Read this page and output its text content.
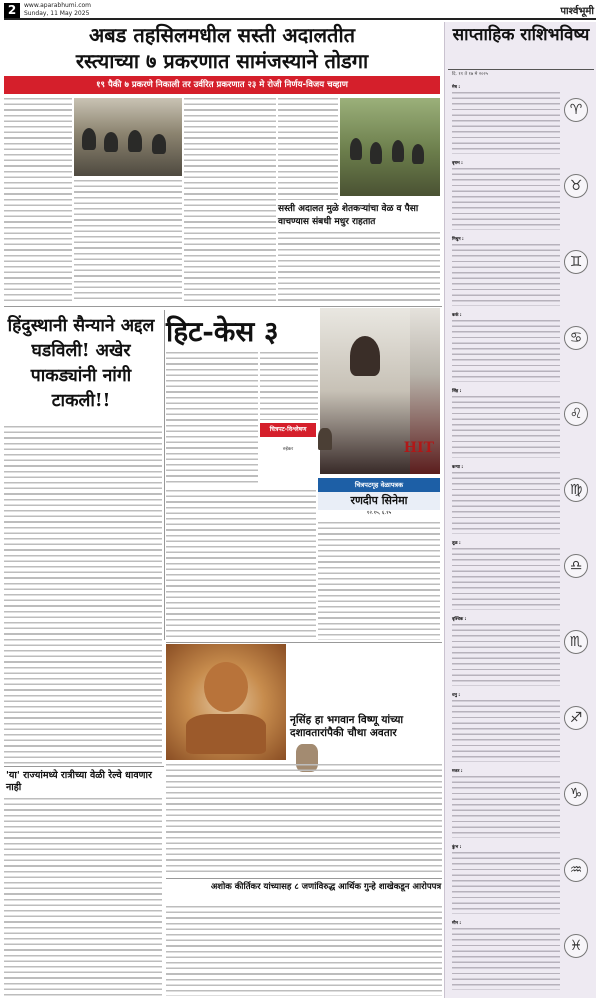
2	www.aparabhumi.com
Sunday, 11 May 2025	पार्श्वभूमी
अबड तहसिलमधील सस्ती अदालतीत
रस्त्याच्या ७ प्रकरणात सामंजस्याने तोडगा
१९ पैकी ७ प्रकरणे निकाली तर उर्वरित प्रकरणात २३ मे रोजी निर्णय-विजय चव्हाण
सस्ती अदालत मुळे शेतकऱ्यांचा वेळ व पैसा वाचण्यास संबधी मधुर राहतात
हिंदुस्थानी सैन्याने अद्दल घडविली! अखेर पाकड्यांनी नांगी टाकली!!
हिट-केस ३
HIT
चित्रपट-विश्लेषण
रुईकर
चित्रपटगृह वेळापत्रक
रणदीप सिनेमा
१२.१५, ६.१५
नृसिंह हा भगवान विष्णू यांच्या दशावतारांपैकी चौथा अवतार
'या' राज्यांमध्ये रात्रीच्या वेळी रेल्वे धावणार नाही
अशोक कीर्तिकर यांच्यासह ८ जणांविरुद्ध आर्थिक गुन्हे शाखेकडून आरोपपत्र
साप्ताहिक राशिभविष्य
दि. ११ ते १७ मे २०२५
मेष :
♈
वृषभ :
♉
मिथुन :
♊
कर्क :
♋
सिंह :
♌
कन्या :
♍
तूळ :
♎
वृश्चिक :
♏
धनु :
♐
मकर :
♑
कुंभ :
♒
मीन :
♓
